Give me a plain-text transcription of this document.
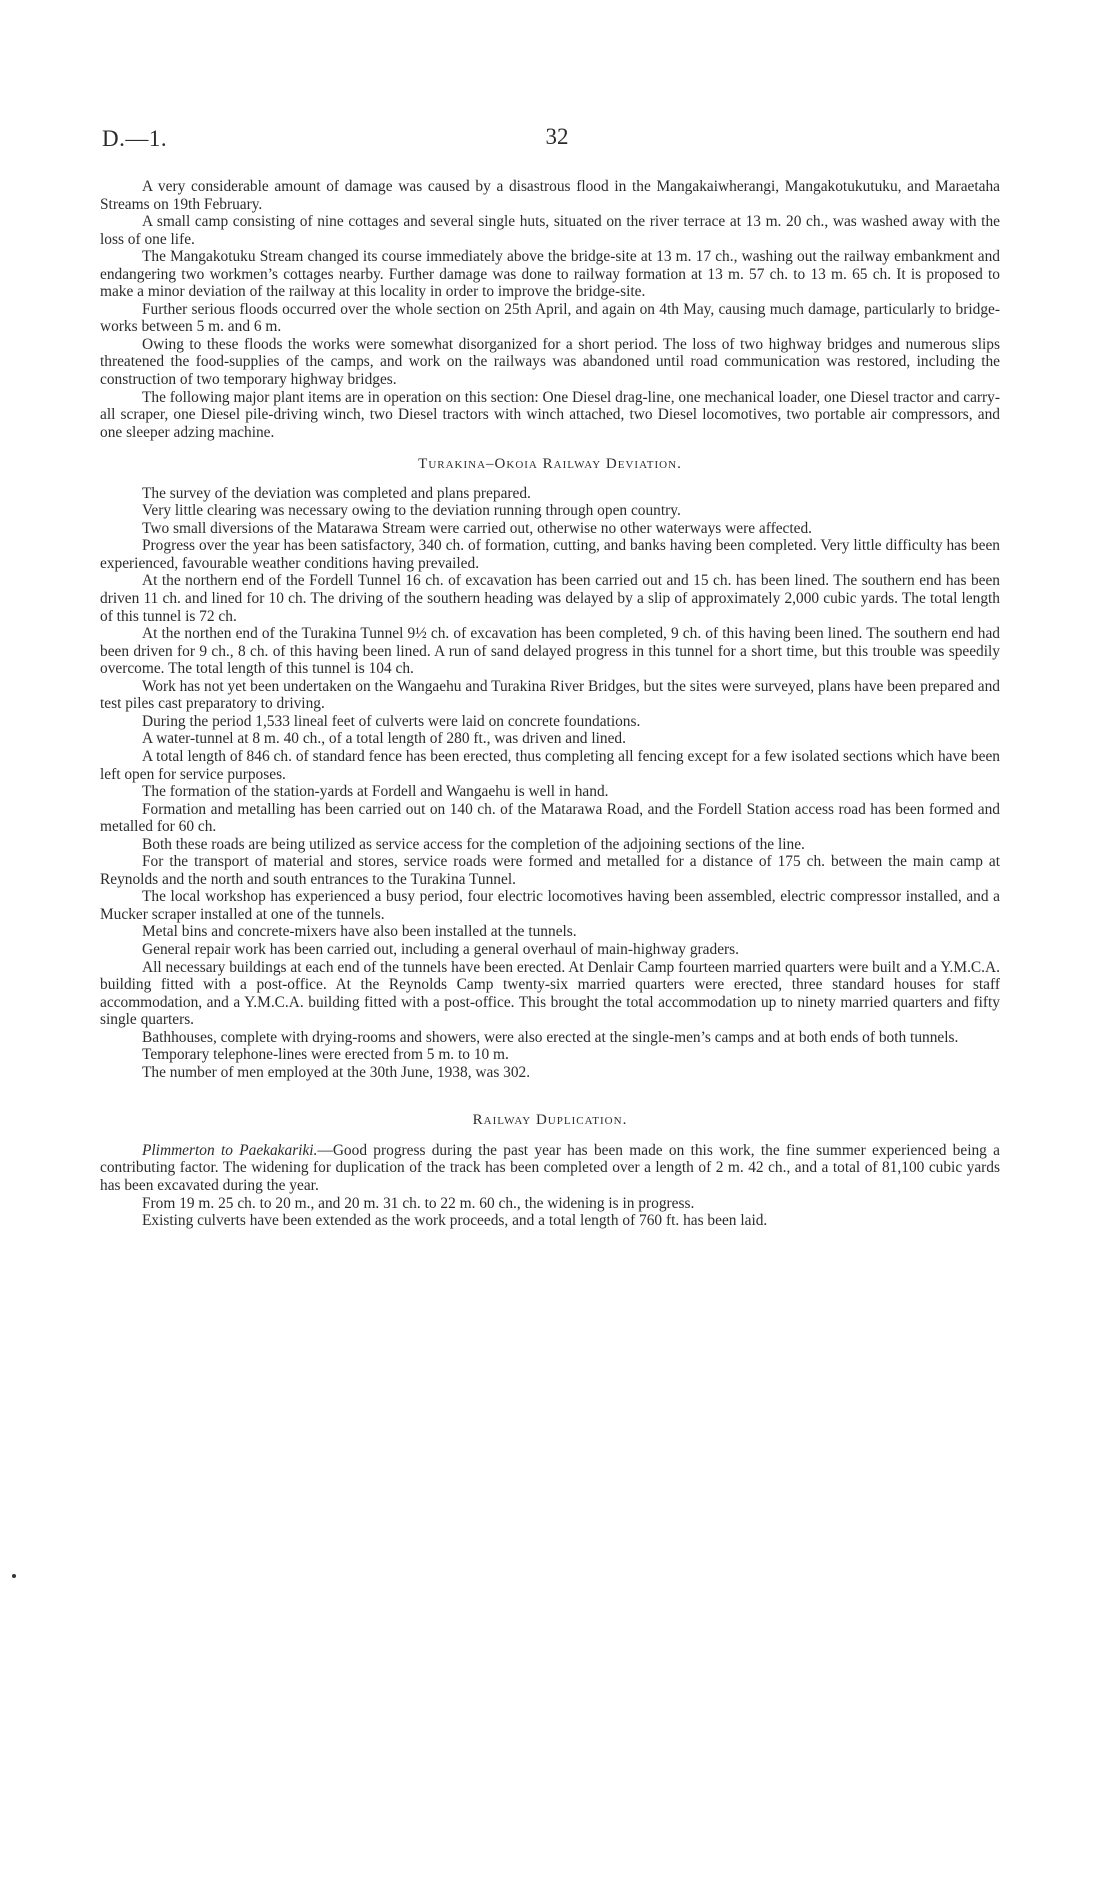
D.—1.	32

A very considerable amount of damage was caused by a disastrous flood in the Mangakaiwherangi, Mangakotukutuku, and Maraetaha Streams on 19th February.

A small camp consisting of nine cottages and several single huts, situated on the river terrace at 13 m. 20 ch., was washed away with the loss of one life.

The Mangakotuku Stream changed its course immediately above the bridge-site at 13 m. 17 ch., washing out the railway embankment and endangering two workmen’s cottages nearby. Further damage was done to railway formation at 13 m. 57 ch. to 13 m. 65 ch. It is proposed to make a minor deviation of the railway at this locality in order to improve the bridge-site.

Further serious floods occurred over the whole section on 25th April, and again on 4th May, causing much damage, particularly to bridge-works between 5 m. and 6 m.

Owing to these floods the works were somewhat disorganized for a short period. The loss of two highway bridges and numerous slips threatened the food-supplies of the camps, and work on the railways was abandoned until road communication was restored, including the construction of two temporary highway bridges.

The following major plant items are in operation on this section: One Diesel drag-line, one mechanical loader, one Diesel tractor and carry-all scraper, one Diesel pile-driving winch, two Diesel tractors with winch attached, two Diesel locomotives, two portable air compressors, and one sleeper adzing machine.

Turakina–Okoia Railway Deviation.

The survey of the deviation was completed and plans prepared.

Very little clearing was necessary owing to the deviation running through open country.

Two small diversions of the Matarawa Stream were carried out, otherwise no other waterways were affected.

Progress over the year has been satisfactory, 340 ch. of formation, cutting, and banks having been completed. Very little difficulty has been experienced, favourable weather conditions having prevailed.

At the northern end of the Fordell Tunnel 16 ch. of excavation has been carried out and 15 ch. has been lined. The southern end has been driven 11 ch. and lined for 10 ch. The driving of the southern heading was delayed by a slip of approximately 2,000 cubic yards. The total length of this tunnel is 72 ch.

At the northen end of the Turakina Tunnel 9½ ch. of excavation has been completed, 9 ch. of this having been lined. The southern end had been driven for 9 ch., 8 ch. of this having been lined. A run of sand delayed progress in this tunnel for a short time, but this trouble was speedily overcome. The total length of this tunnel is 104 ch.

Work has not yet been undertaken on the Wangaehu and Turakina River Bridges, but the sites were surveyed, plans have been prepared and test piles cast preparatory to driving.

During the period 1,533 lineal feet of culverts were laid on concrete foundations.

A water-tunnel at 8 m. 40 ch., of a total length of 280 ft., was driven and lined.

A total length of 846 ch. of standard fence has been erected, thus completing all fencing except for a few isolated sections which have been left open for service purposes.

The formation of the station-yards at Fordell and Wangaehu is well in hand.

Formation and metalling has been carried out on 140 ch. of the Matarawa Road, and the Fordell Station access road has been formed and metalled for 60 ch.

Both these roads are being utilized as service access for the completion of the adjoining sections of the line.

For the transport of material and stores, service roads were formed and metalled for a distance of 175 ch. between the main camp at Reynolds and the north and south entrances to the Turakina Tunnel.

The local workshop has experienced a busy period, four electric locomotives having been assembled, electric compressor installed, and a Mucker scraper installed at one of the tunnels.

Metal bins and concrete-mixers have also been installed at the tunnels.

General repair work has been carried out, including a general overhaul of main-highway graders.

All necessary buildings at each end of the tunnels have been erected. At Denlair Camp fourteen married quarters were built and a Y.M.C.A. building fitted with a post-office. At the Reynolds Camp twenty-six married quarters were erected, three standard houses for staff accommodation, and a Y.M.C.A. building fitted with a post-office. This brought the total accommodation up to ninety married quarters and fifty single quarters.

Bathhouses, complete with drying-rooms and showers, were also erected at the single-men’s camps and at both ends of both tunnels.

Temporary telephone-lines were erected from 5 m. to 10 m.

The number of men employed at the 30th June, 1938, was 302.

Railway Duplication.

Plimmerton to Paekakariki.—Good progress during the past year has been made on this work, the fine summer experienced being a contributing factor. The widening for duplication of the track has been completed over a length of 2 m. 42 ch., and a total of 81,100 cubic yards has been excavated during the year.

From 19 m. 25 ch. to 20 m., and 20 m. 31 ch. to 22 m. 60 ch., the widening is in progress.

Existing culverts have been extended as the work proceeds, and a total length of 760 ft. has been laid.
